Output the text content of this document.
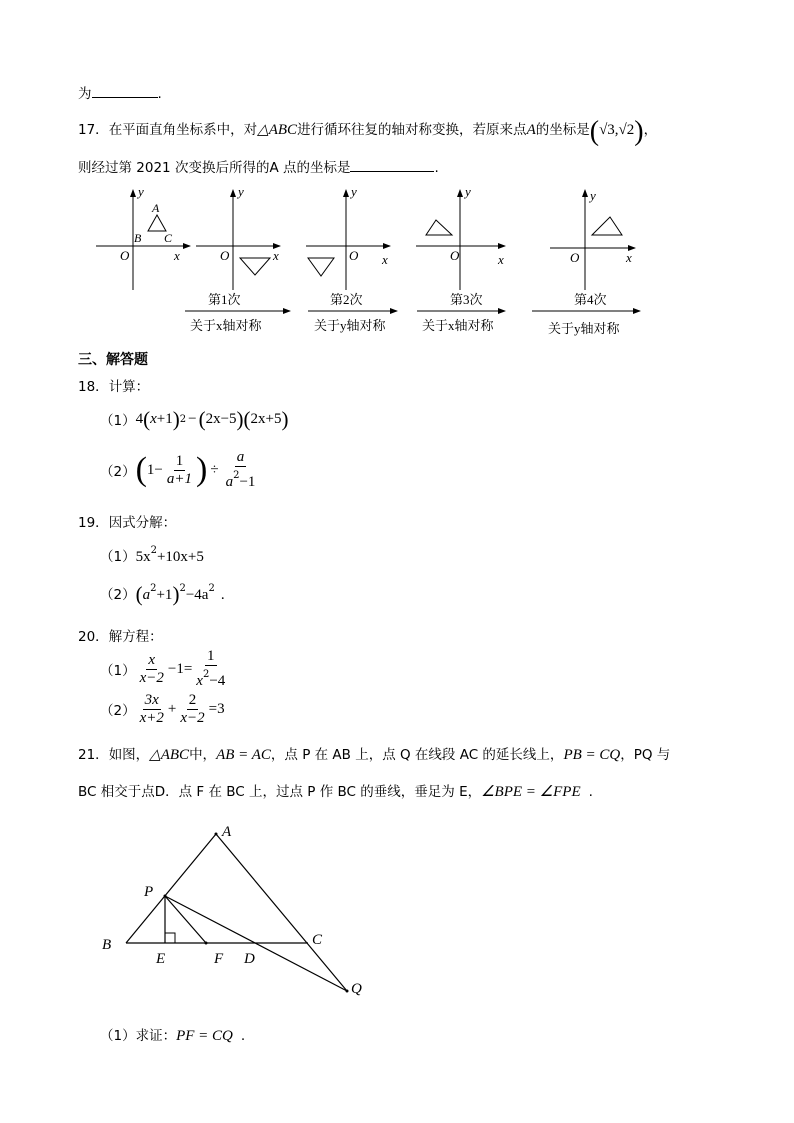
为	.
17．在平面直角坐标系中，对△ABC进行循环往复的轴对称变换，若原来点A的坐标是(√3,√2)，
则经过第 2021 次变换后所得的A 点的坐标是	.
y
x
O
A
B C
y
x
O
y
x
O
y
x
O
y
x
O
第1次
关于x轴对称
第2次
关于y轴对称
第3次
关于x轴对称
第4次
关于y轴对称
三、解答题
18．计算：
（1） 4 ( x +1 ) 2 − ( 2x −5 ) ( 2x +5 )
（2） ( $1- \frac{1}{a+1}$ ) ÷ $\frac{a}{a^2-1}$
19．因式分解：
$(1)5x^2+10x+5$
$(2)(a^2+1)^2-4a^2$ .
20．解方程：
$(1) \frac{x}{x-2} -1= \frac{1}{x^2-4}$
$(2) \frac{3x}{x+2} + \frac{2}{x-2} =3$
21．如图，△ABC中，AB = AC，点 P 在 AB 上，点 Q 在线段 AC 的延长线上，PB = CQ，PQ 与
BC 相交于点D．点 F 在 BC 上，过点 P 作 BC 的垂线，垂足为 E，∠BPE = ∠FPE .
A
P
B
E	F D
C
Q
（1）求证：PF = CQ .
